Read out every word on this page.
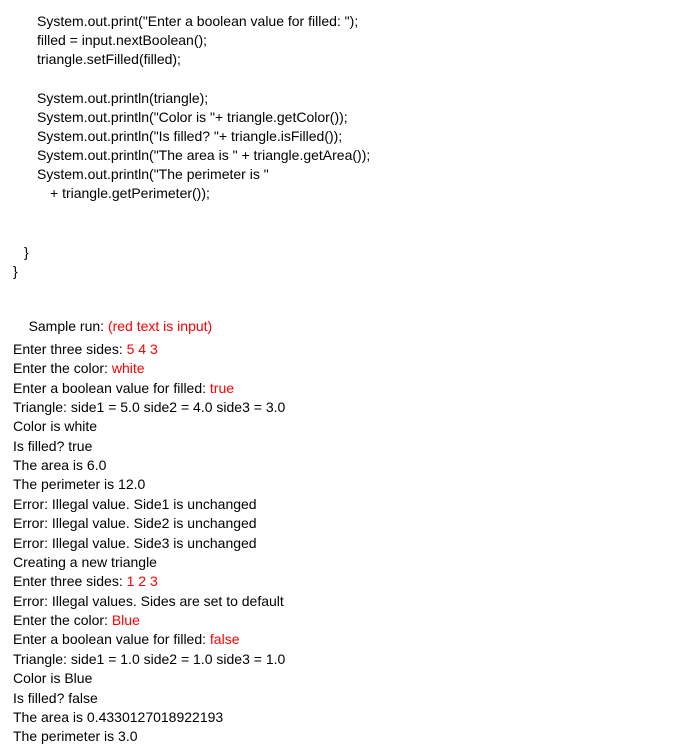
System.out.print("Enter a boolean value for filled: ");
filled = input.nextBoolean();
triangle.setFilled(filled);
System.out.println(triangle);
System.out.println("Color is "+ triangle.getColor());
System.out.println("Is filled? "+ triangle.isFilled());
System.out.println("The area is " + triangle.getArea());
System.out.println("The perimeter is "
+ triangle.getPerimeter());
}
}

Sample run: (red text is input)

Enter three sides: 5 4 3
Enter the color: white
Enter a boolean value for filled: true
Triangle: side1 = 5.0 side2 = 4.0 side3 = 3.0
Color is white
Is filled? true
The area is 6.0
The perimeter is 12.0
Error: Illegal value. Side1 is unchanged
Error: Illegal value. Side2 is unchanged
Error: Illegal value. Side3 is unchanged
Creating a new triangle
Enter three sides: 1 2 3
Error: Illegal values. Sides are set to default
Enter the color: Blue
Enter a boolean value for filled: false
Triangle: side1 = 1.0 side2 = 1.0 side3 = 1.0
Color is Blue
Is filled? false
The area is 0.4330127018922193
The perimeter is 3.0
